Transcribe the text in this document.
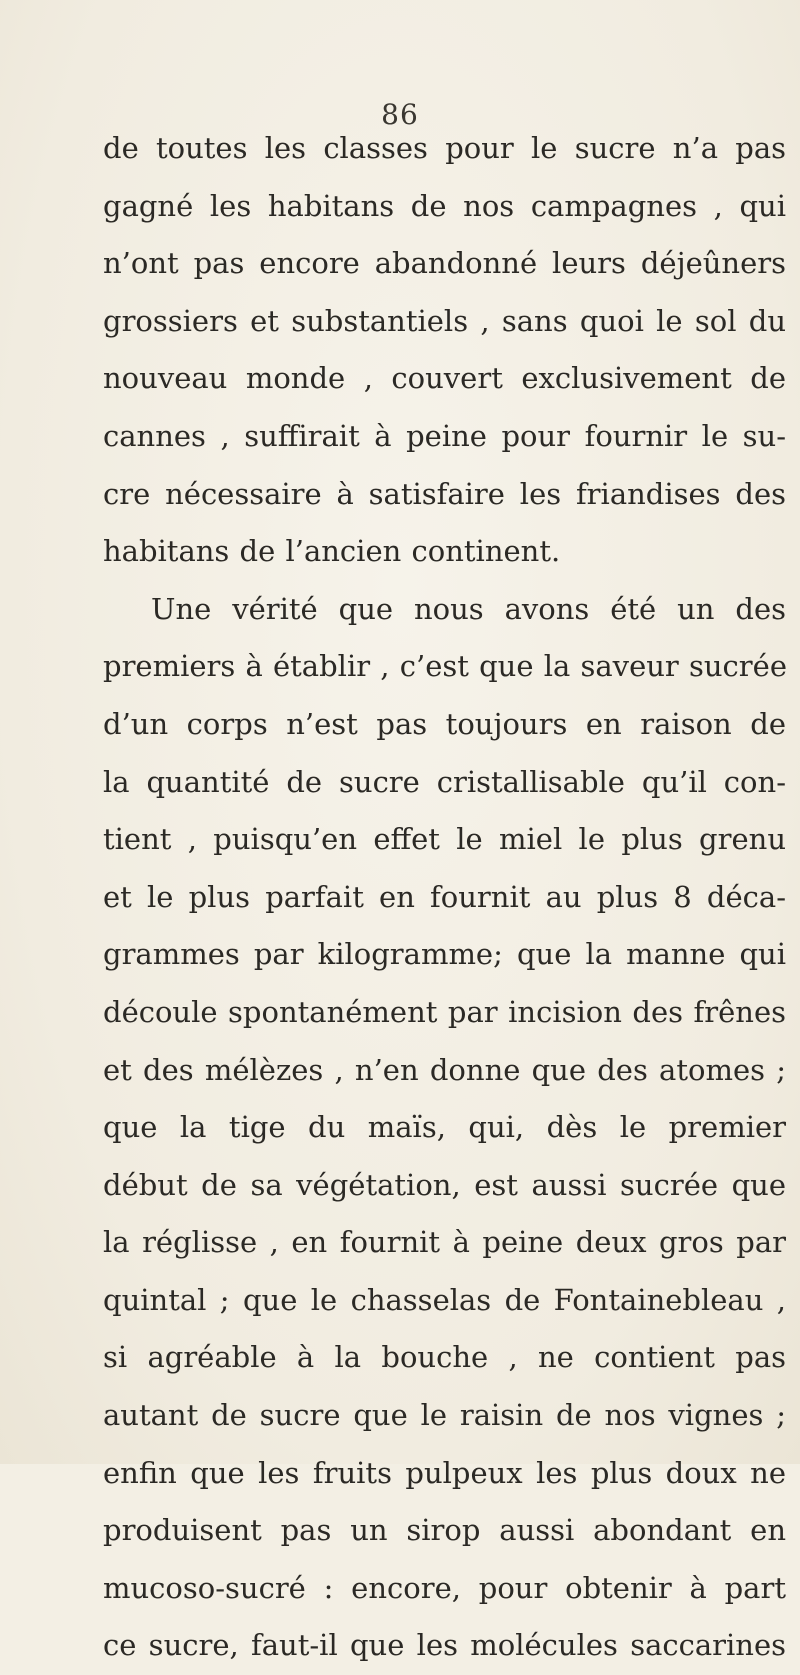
86
de toutes les classes pour le sucre n’a pas
gagné les habitans de nos campagnes , qui
n’ont pas encore abandonné leurs déjeûners
grossiers et substantiels , sans quoi le sol du
nouveau monde , couvert exclusivement de
cannes , suffirait à peine pour fournir le su-
cre nécessaire à satisfaire les friandises des
habitans de l’ancien continent.
Une vérité que nous avons été un des
premiers à établir , c’est que la saveur sucrée
d’un corps n’est pas toujours en raison de
la quantité de sucre cristallisable qu’il con-
tient , puisqu’en effet le miel le plus grenu
et le plus parfait en fournit au plus 8 déca-
grammes par kilogramme; que la manne qui
découle spontanément par incision des frênes
et des mélèzes , n’en donne que des atomes ;
que la tige du maïs, qui, dès le premier
début de sa végétation, est aussi sucrée que
la réglisse , en fournit à peine deux gros par
quintal ; que le chasselas de Fontainebleau ,
si agréable à la bouche , ne contient pas
autant de sucre que le raisin de nos vignes ;
enfin que les fruits pulpeux les plus doux ne
produisent pas un sirop aussi abondant en
mucoso-sucré : encore, pour obtenir à part
ce sucre, faut-il que les molécules saccarines
